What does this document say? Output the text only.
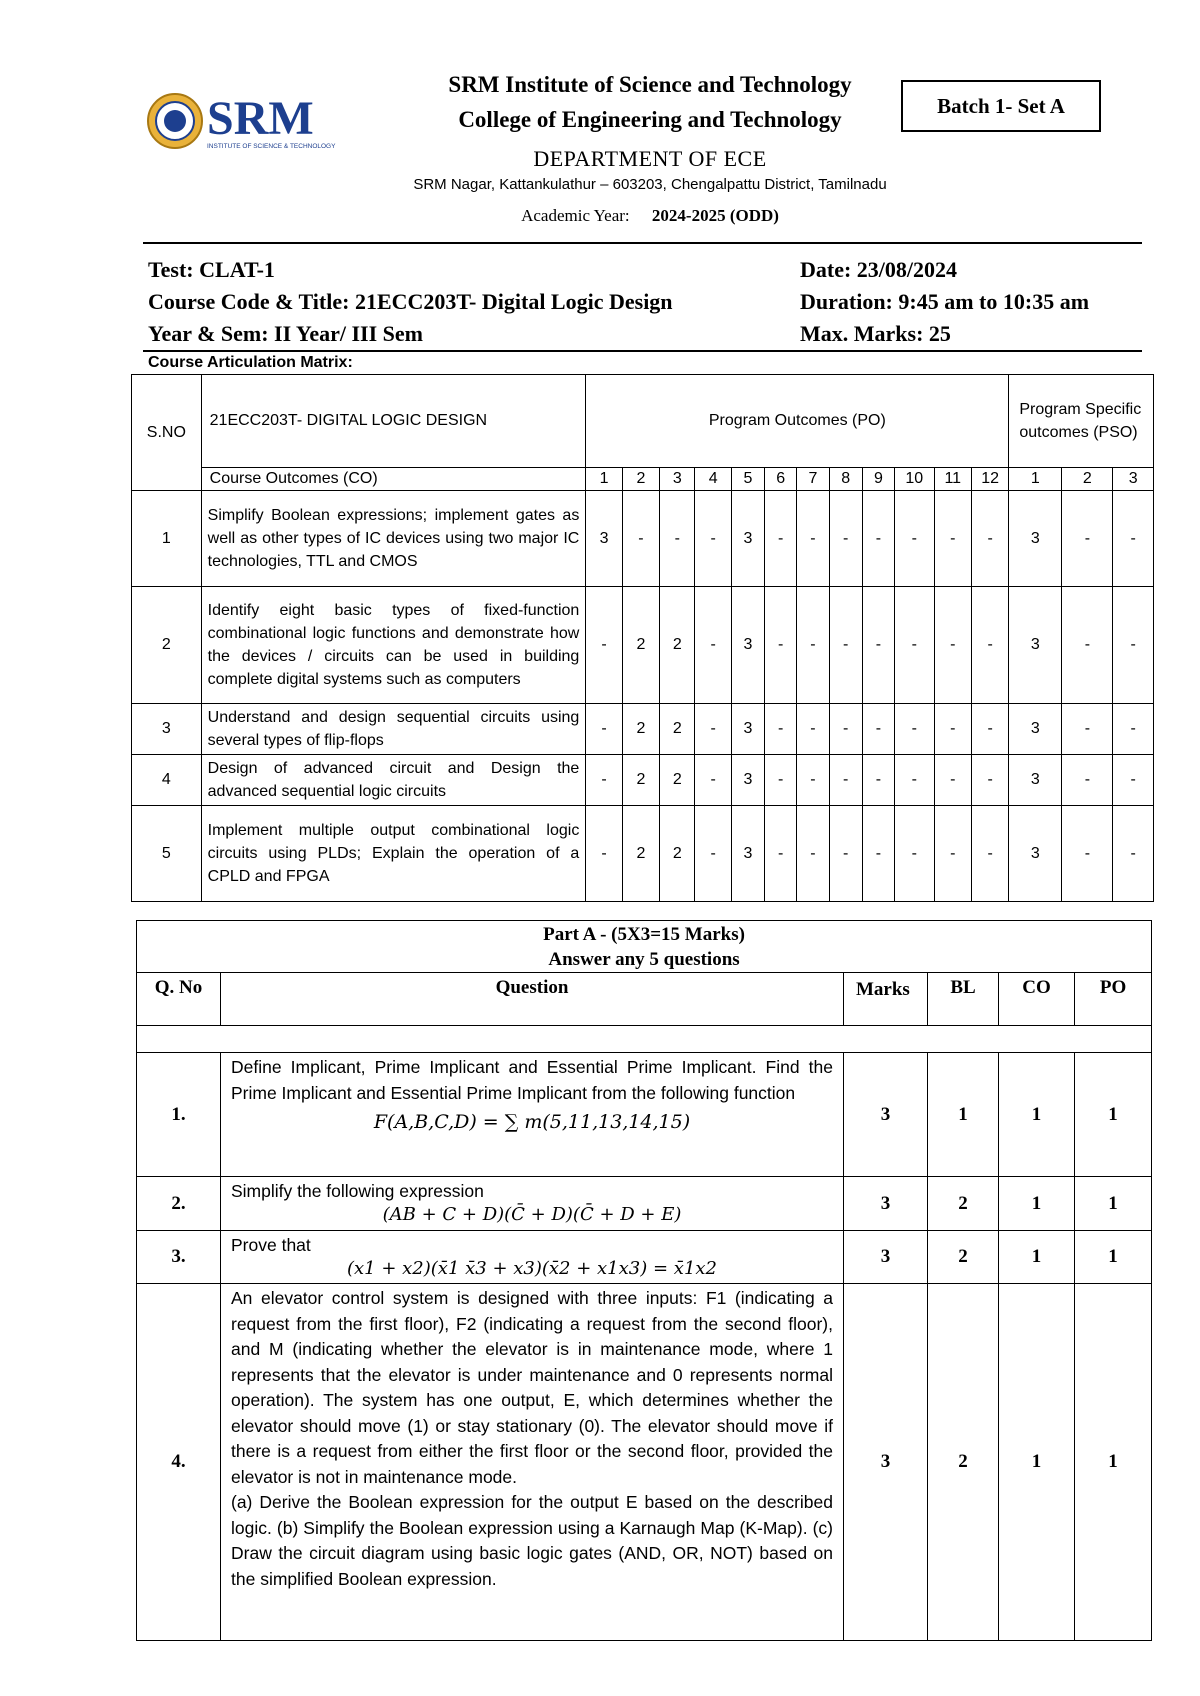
SRM
INSTITUTE OF SCIENCE & TECHNOLOGY
SRM Institute of Science and Technology
College of Engineering and Technology
DEPARTMENT OF ECE
SRM Nagar, Kattankulathur – 603203, Chengalpattu District, Tamilnadu
Academic Year: 2024-2025 (ODD)
Batch 1- Set A
Test: CLAT-1
Course Code & Title: 21ECC203T- Digital Logic Design
Year & Sem: II Year/ III Sem
Date: 23/08/2024
Duration: 9:45 am to 10:35 am
Max. Marks: 25
Course Articulation Matrix:
S.NO	21ECC203T- DIGITAL LOGIC DESIGN	Program Outcomes (PO)												Program Specific outcomes (PSO)		
	Course Outcomes (CO)	1	2	3	4	5	6	7	8	9	10	11	12	1	2	3
1	Simplify Boolean expressions; implement gates as well as other types of IC devices using two major IC technologies, TTL and CMOS	3	-	-	-	3	-	-	-	-	-	-	-	3	-	-
2	Identify eight basic types of fixed-function combinational logic functions and demonstrate how the devices / circuits can be used in building complete digital systems such as computers	-	2	2	-	3	-	-	-	-	-	-	-	3	-	-
3	Understand and design sequential circuits using several types of flip-flops	-	2	2	-	3	-	-	-	-	-	-	-	3	-	-
4	Design of advanced circuit and Design the advanced sequential logic circuits	-	2	2	-	3	-	-	-	-	-	-	-	3	-	-
5	Implement multiple output combinational logic circuits using PLDs; Explain the operation of a CPLD and FPGA	-	2	2	-	3	-	-	-	-	-	-	-	3	-	-
Part A - (5X3=15 Marks)
Answer any 5 questions					

Q. No	Question	Marks	BL	CO	PO

1.	Define Implicant, Prime Implicant and Essential Prime Implicant. Find the Prime Implicant and Essential Prime Implicant from the following function
F(A,B,C,D) = ∑ m(5,11,13,14,15)	3	1	1	1
2.	Simplify the following expression
(AB + C + D)(C̄ + D)(C̄ + D + E)	3	2	1	1
3.	Prove that
(x1 + x2)(x̄1 x̄3 + x3)(x̄2 + x1x3) = x̄1x2	3	2	1	1
4.	An elevator control system is designed with three inputs: F1 (indicating a request from the first floor), F2 (indicating a request from the second floor), and M (indicating whether the elevator is in maintenance mode, where 1 represents that the elevator is under maintenance and 0 represents normal operation). The system has one output, E, which determines whether the elevator should move (1) or stay stationary (0). The elevator should move if there is a request from either the first floor or the second floor, provided the elevator is not in maintenance mode.
(a) Derive the Boolean expression for the output E based on the described logic. (b) Simplify the Boolean expression using a Karnaugh Map (K-Map). (c) Draw the circuit diagram using basic logic gates (AND, OR, NOT) based on the simplified Boolean expression.	3	2	1	1
